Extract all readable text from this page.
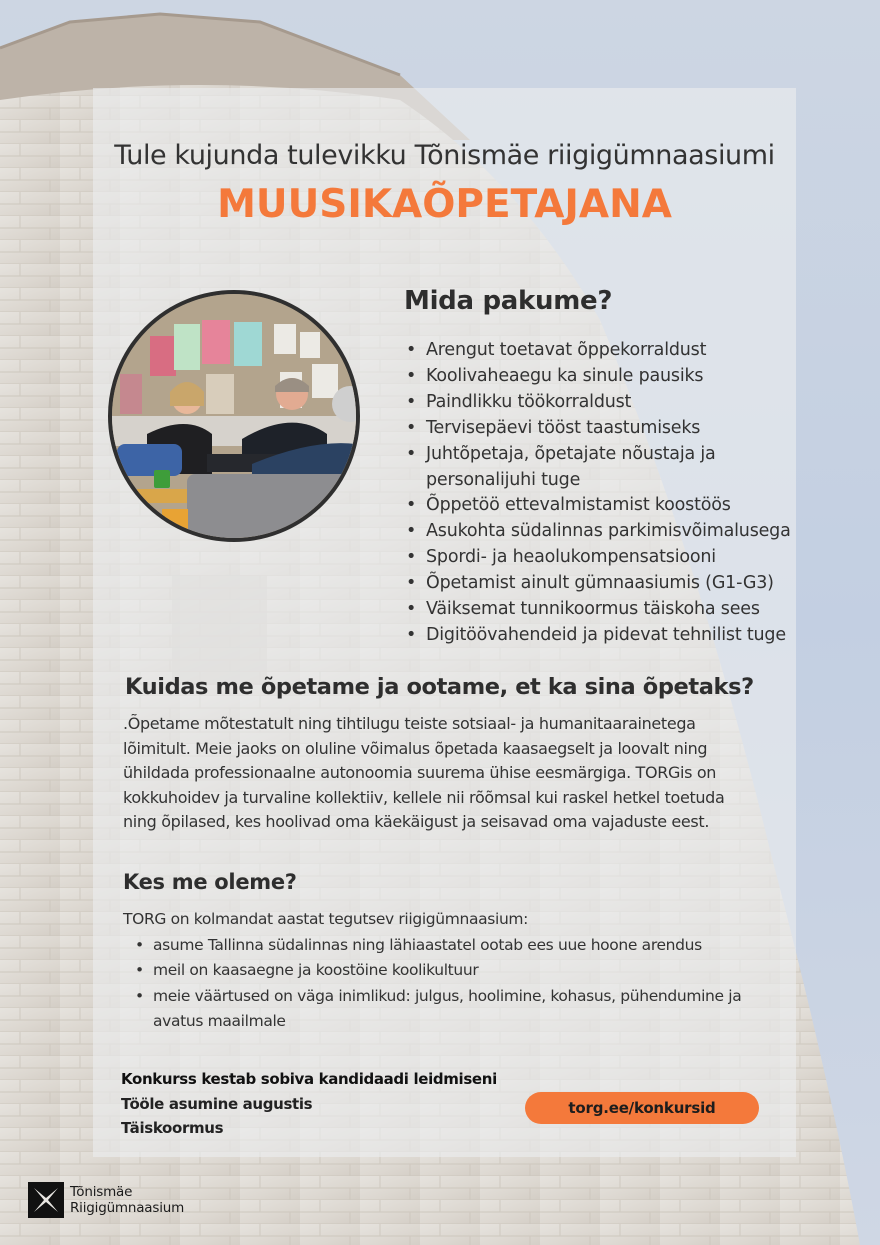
Tule kujunda tulevikku Tõnismäe riigigümnaasiumi
MUUSIKAÕPETAJANA
Mida pakume?
• Arengut toetavat õppekorraldust
• Koolivaheaegu ka sinule pausiks
• Paindlikku töökorraldust
• Tervisepäevi tööst taastumiseks
• Juhtõpetaja, õpetajate nõustaja ja personalijuhi tuge
• Õppetöö ettevalmistamist koostöös
• Asukohta südalinnas parkimisvõimalusega
• Spordi- ja heaolukompensatsiooni
• Õpetamist ainult gümnaasiumis (G1-G3)
• Väiksemat tunnikoormus täiskoha sees
• Digitöövahendeid ja pidevat tehnilist tuge
Kuidas me õpetame ja ootame, et ka sina õpetaks?
.Õpetame mõtestatult ning tihtilugu teiste sotsiaal- ja humanitaarainetega lõimitult. Meie jaoks on oluline võimalus õpetada kaasaegselt ja loovalt ning ühildada professionaalne autonoomia suurema ühise eesmärgiga. TORGis on kokkuhoidev ja turvaline kollektiiv, kellele nii rõõmsal kui raskel hetkel toetuda ning õpilased, kes hoolivad oma käekäigust ja seisavad oma vajaduste eest.
Kes me oleme?
TORG on kolmandat aastat tegutsev riigigümnaasium:
• asume Tallinna südalinnas ning lähiaastatel ootab ees uue hoone arendus
• meil on kaasaegne ja koostöine koolikultuur
• meie väärtused on väga inimlikud: julgus, hoolimine, kohasus, pühendumine ja avatus maailmale
Konkurss kestab sobiva kandidaadi leidmiseni
Tööle asumine augustis
Täiskoormus
torg.ee/konkursid
Tõnismäe
Riigigümnaasium
